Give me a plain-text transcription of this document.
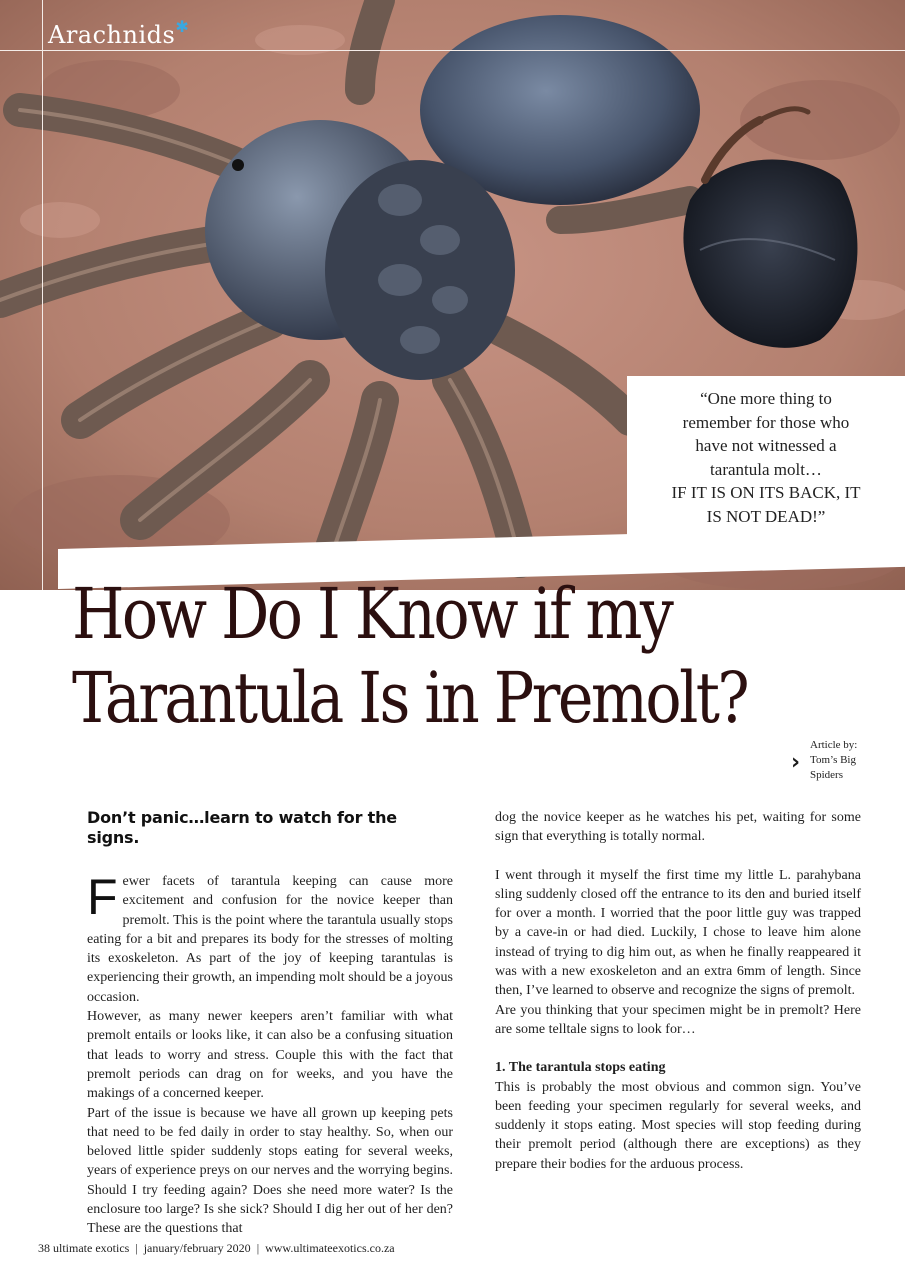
Arachnids✱
“One more thing to
remember for those who
have not witnessed a
tarantula molt…
IF IT IS ON ITS BACK, IT
IS NOT DEAD!”
How Do I Know if my
Tarantula Is in Premolt?
›
Article by:
Tom’s Big
Spiders
Don’t panic…learn to watch for the signs.

Fewer facets of tarantula keeping can cause more excitement and confusion for the novice keeper than premolt. This is the point where the tarantula usually stops eating for a bit and prepares its body for the stresses of molting its exoskeleton. As part of the joy of keeping tarantulas is experiencing their growth, an impending molt should be a joyous occasion.

However, as many newer keepers aren’t familiar with what premolt entails or looks like, it can also be a confusing situation that leads to worry and stress. Couple this with the fact that premolt periods can drag on for weeks, and you have the makings of a concerned keeper.

Part of the issue is because we have all grown up keeping pets that need to be fed daily in order to stay healthy. So, when our beloved little spider suddenly stops eating for several weeks, years of experience preys on our nerves and the worrying begins. Should I try feeding again? Does she need more water? Is the enclosure too large? Is she sick? Should I dig her out of her den? These are the questions that

dog the novice keeper as he watches his pet, waiting for some sign that everything is totally normal.

I went through it myself the first time my little L. parahybana sling suddenly closed off the entrance to its den and buried itself for over a month. I worried that the poor little guy was trapped by a cave-in or had died. Luckily, I chose to leave him alone instead of trying to dig him out, as when he finally reappeared it was with a new exoskeleton and an extra 6mm of length. Since then, I’ve learned to observe and recognize the signs of premolt.

Are you thinking that your specimen might be in premolt? Here are some telltale signs to look for…

1. The tarantula stops eating

This is probably the most obvious and common sign. You’ve been feeding your specimen regularly for several weeks, and suddenly it stops eating. Most species will stop feeding during their premolt period (although there are exceptions) as they prepare their bodies for the arduous process.

38 ultimate exotics | january/february 2020 | www.ultimateexotics.co.za
